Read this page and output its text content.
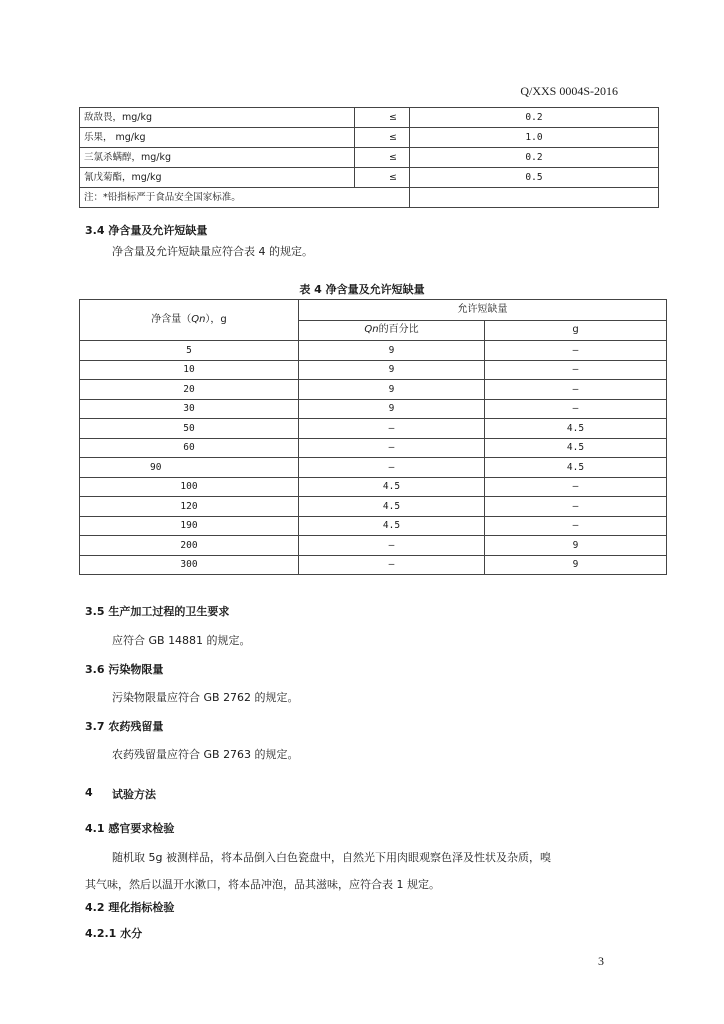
Q/XXS 0004S-2016
敌敌畏，mg/kg	≤	0.2
乐果， mg/kg	≤	1.0
三氯杀螨醇，mg/kg	≤	0.2
氰戊菊酯，mg/kg	≤	0.5
注：*铅指标严于食品安全国家标准。		
3.4 净含量及允许短缺量
净含量及允许短缺量应符合表 4 的规定。
表 4 净含量及允许短缺量
净含量（Qn），g	允许短缺量	
	Qn的百分比	g
5	9	—
10	9	—
20	9	—
30	9	—
50	—	4.5
60	—	4.5
90	—	4.5
100	4.5	—
120	4.5	—
190	4.5	—
200	—	9
300	—	9
3.5 生产加工过程的卫生要求
应符合 GB 14881 的规定。
3.6 污染物限量
污染物限量应符合 GB 2762 的规定。
3.7 农药残留量
农药残留量应符合 GB 2763 的规定。
4 试验方法
4.1 感官要求检验
随机取 5g 被测样品，将本品倒入白色瓷盘中，自然光下用肉眼观察色泽及性状及杂质，嗅
其气味，然后以温开水漱口，将本品冲泡，品其滋味，应符合表 1 规定。
4.2 理化指标检验
4.2.1 水分
3
